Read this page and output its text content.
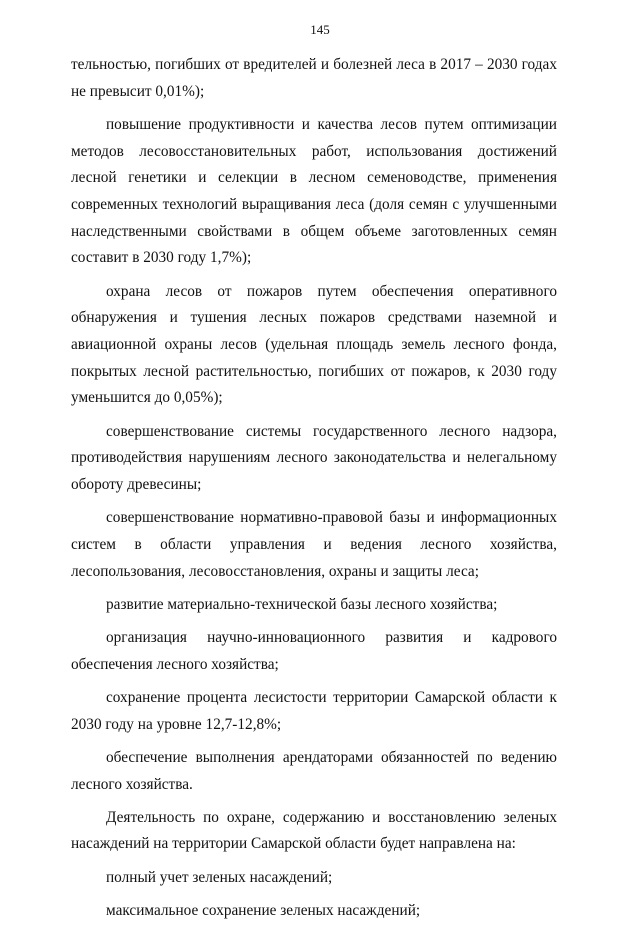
145

тельностью, погибших от вредителей и болезней леса в 2017 – 2030 годах не превысит 0,01%);

повышение продуктивности и качества лесов путем оптимизации методов лесовосстановительных работ, использования достижений лесной генетики и селекции в лесном семеноводстве, применения современных технологий выращивания леса (доля семян с улучшенными наследственными свойствами в общем объеме заготовленных семян составит в 2030 году 1,7%);

охрана лесов от пожаров путем обеспечения оперативного обнаружения и тушения лесных пожаров средствами наземной и авиационной охраны лесов (удельная площадь земель лесного фонда, покрытых лесной растительностью, погибших от пожаров, к 2030 году уменьшится до 0,05%);

совершенствование системы государственного лесного надзора, противодействия нарушениям лесного законодательства и нелегальному обороту древесины;

совершенствование нормативно-правовой базы и информационных систем в области управления и ведения лесного хозяйства, лесопользования, лесовосстановления, охраны и защиты леса;

развитие материально-технической базы лесного хозяйства;

организация научно-инновационного развития и кадрового обеспечения лесного хозяйства;

сохранение процента лесистости территории Самарской области к 2030 году на уровне 12,7-12,8%;

обеспечение выполнения арендаторами обязанностей по ведению лесного хозяйства.

Деятельность по охране, содержанию и восстановлению зеленых насаждений на территории Самарской области будет направлена на:

полный учет зеленых насаждений;

максимальное сохранение зеленых насаждений;
